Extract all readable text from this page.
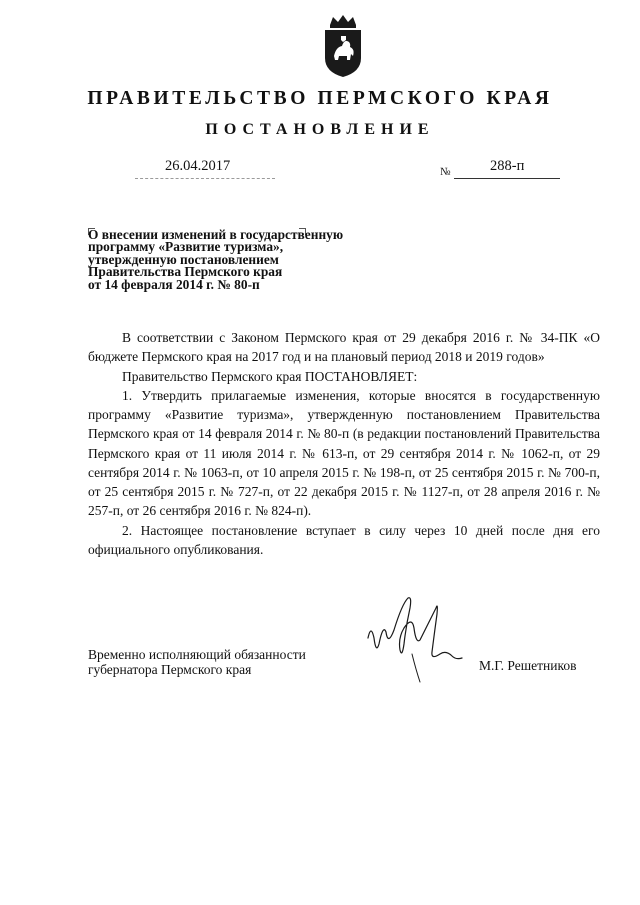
ПРАВИТЕЛЬСТВО ПЕРМСКОГО КРАЯ
ПОСТАНОВЛЕНИЕ
26.04.2017	№	288-п
О внесении изменений в государственную
программу «Развитие туризма»,
утвержденную постановлением
Правительства Пермского края
от 14 февраля 2014 г. № 80-п

В соответствии с Законом Пермского края от 29 декабря 2016 г. № 34-ПК «О бюджете Пермского края на 2017 год и на плановый период 2018 и 2019 годов»

Правительство Пермского края ПОСТАНОВЛЯЕТ:

1. Утвердить прилагаемые изменения, которые вносятся в государственную программу «Развитие туризма», утвержденную постановлением Правительства Пермского края от 14 февраля 2014 г. № 80-п (в редакции постановлений Правительства Пермского края от 11 июля 2014 г. № 613-п, от 29 сентября 2014 г. № 1062-п, от 29 сентября 2014 г. № 1063-п, от 10 апреля 2015 г. № 198-п, от 25 сентября 2015 г. № 700-п, от 25 сентября 2015 г. № 727-п, от 22 декабря 2015 г. № 1127-п, от 28 апреля 2016 г. № 257-п, от 26 сентября 2016 г. № 824-п).

2. Настоящее постановление вступает в силу через 10 дней после дня его официального опубликования.

Временно исполняющий обязанности
губернатора Пермского края	М.Г. Решетников
